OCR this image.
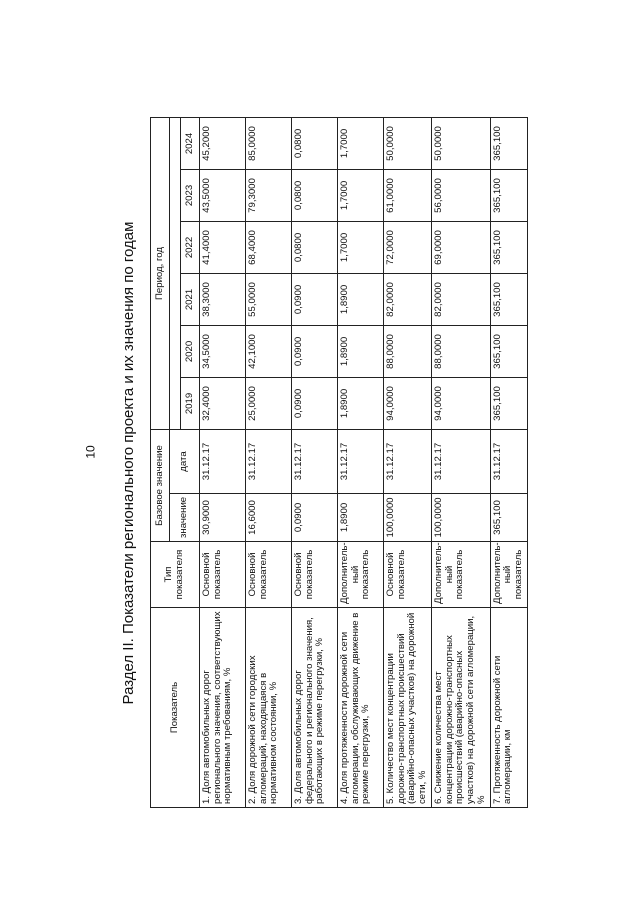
10	Раздел II. Показатели регионального проекта и их значения по годам
Показатель	Тип показателя	Базовое значение		Период, год					
		значение	дата						
				2019	2020	2021	2022	2023	2024
1. Доля автомобильных дорог регионального значения, соответствующих нормативным требованиям, %	Основной показатель	30,9000	31.12.17	32,4000	34,5000	38,3000	41,4000	43,5000	45,2000
2. Доля дорожной сети городских агломераций, находящаяся в нормативном состоянии, %	Основной показатель	16,6000	31.12.17	25,0000	42,1000	55,0000	68,4000	79,3000	85,0000
3. Доля автомобильных дорог федерального и регионального значения, работающих в режиме перегрузки, %	Основной показатель	0,0900	31.12.17	0,0900	0,0900	0,0900	0,0800	0,0800	0,0800
4. Доля протяженности дорожной сети агломерации, обслуживающих движение в режиме перегрузки, %	Дополнитель-ный показатель	1,8900	31.12.17	1,8900	1,8900	1,8900	1,7000	1,7000	1,7000
5. Количество мест концентрации дорожно-транспортных происшествий (аварийно-опасных участков) на дорожной сети, %	Основной показатель	100,0000	31.12.17	94,0000	88,0000	82,0000	72,0000	61,0000	50,0000
6. Снижение количества мест концентрации дорожно-транспортных происшествий (аварийно-опасных участков) на дорожной сети агломерации, %	Дополнитель-ный показатель	100,0000	31.12.17	94,0000	88,0000	82,0000	69,0000	56,0000	50,0000
7. Протяженность дорожной сети агломерации, км	Дополнитель-ный показатель	365,100	31.12.17	365,100	365,100	365,100	365,100	365,100	365,100
